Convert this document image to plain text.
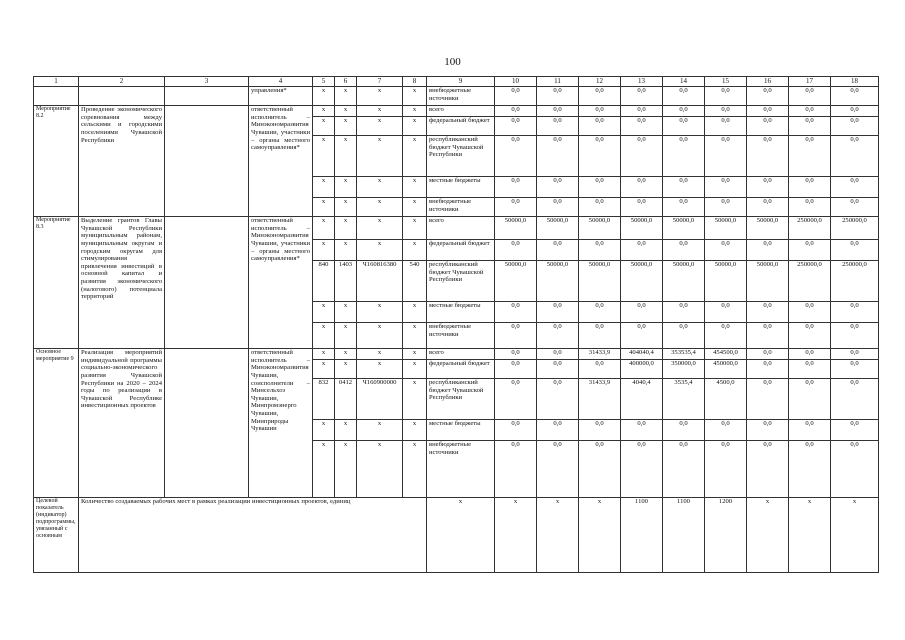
100
1	2	3	4	5	6	7	8	9	10	11	12	13	14	15	16	17	18
			управления*	x	x	x	x	внебюджетные источники	0,0	0,0	0,0	0,0	0,0	0,0	0,0	0,0	0,0
Мероприятие 8.2	Проведение экономического соревнования между сельскими и городскими поселениями Чувашской Республики		ответственный исполнитель – Минэкономразвития Чувашии, участники – органы местного самоуправления*	x	x	x	x	всего	0,0	0,0	0,0	0,0	0,0	0,0	0,0	0,0	0,0
				x	x	x	x	федеральный бюджет	0,0	0,0	0,0	0,0	0,0	0,0	0,0	0,0	0,0
				x	x	x	x	республиканский бюджет Чувашской Республики	0,0	0,0	0,0	0,0	0,0	0,0	0,0	0,0	0,0
				x	x	x	x	местные бюджеты	0,0	0,0	0,0	0,0	0,0	0,0	0,0	0,0	0,0
				x	x	x	x	внебюджетные источники	0,0	0,0	0,0	0,0	0,0	0,0	0,0	0,0	0,0
Мероприятие 8.3	Выделение грантов Главы Чувашской Республики муниципальным районам, муниципальным округам и городским округам для стимулирования привлечения инвестиций в основной капитал и развития экономического (налогового) потенциала территорий		ответственный исполнитель – Минэкономразвития Чувашии, участники – органы местного самоуправления*	x	x	x	x	всего	50000,0	50000,0	50000,0	50000,0	50000,0	50000,0	50000,0	250000,0	250000,0
				x	x	x	x	федеральный бюджет	0,0	0,0	0,0	0,0	0,0	0,0	0,0	0,0	0,0
				840	1403	Ч160816380	540	республиканский бюджет Чувашской Республики	50000,0	50000,0	50000,0	50000,0	50000,0	50000,0	50000,0	250000,0	250000,0
				x	x	x	x	местные бюджеты	0,0	0,0	0,0	0,0	0,0	0,0	0,0	0,0	0,0
				x	x	x	x	внебюджетные источники	0,0	0,0	0,0	0,0	0,0	0,0	0,0	0,0	0,0
Основное мероприятие 9	Реализация мероприятий индивидуальной программы социально-экономического развития Чувашской Республики на 2020 – 2024 годы по реализации в Чувашской Республике инвестиционных проектов		ответственный исполнитель – Минэкономразвития Чувашии, соисполнители – Минсельхоз Чувашии, Минпромэнерго Чувашии, Минприроды Чувашии	x	x	x	x	всего	0,0	0,0	31433,9	404040,4	353535,4	454500,0	0,0	0,0	0,0
				x	x	x	x	федеральный бюджет	0,0	0,0	0,0	400000,0	350000,0	450000,0	0,0	0,0	0,0
				832	0412	Ч160900000	x	республиканский бюджет Чувашской Республики	0,0	0,0	31433,9	4040,4	3535,4	4500,0	0,0	0,0	0,0
				x	x	x	x	местные бюджеты	0,0	0,0	0,0	0,0	0,0	0,0	0,0	0,0	0,0
				x	x	x	x	внебюджетные источники	0,0	0,0	0,0	0,0	0,0	0,0	0,0	0,0	0,0
Целевой показатель (индикатор) подпрограммы, увязанный с основным	Количество создаваемых рабочих мест в рамках реализации инвестиционных проектов, единиц							x	x	x	x	1100	1100	1200	x	x	x
